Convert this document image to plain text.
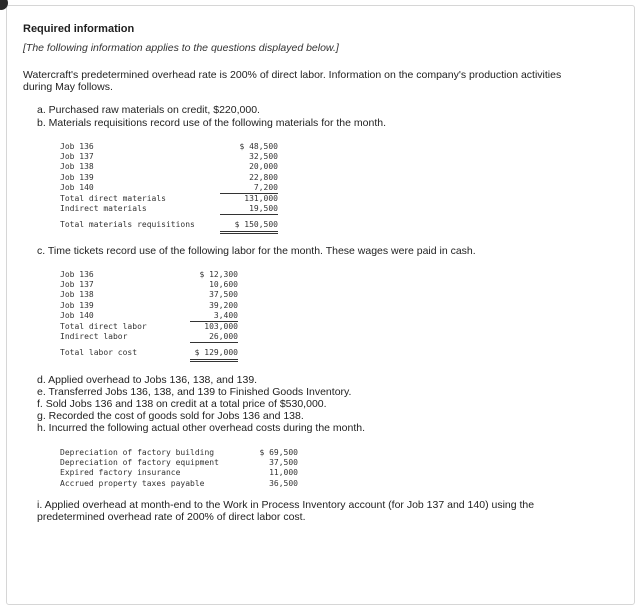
Required information
[The following information applies to the questions displayed below.]
Watercraft's predetermined overhead rate is 200% of direct labor. Information on the company's production activities during May follows.
a. Purchased raw materials on credit, $220,000.
b. Materials requisitions record use of the following materials for the month.
Job 136	$ 48,500
Job 137	32,500
Job 138	20,000
Job 139	22,800
Job 140	7,200
Total direct materials	131,000
Indirect materials	19,500
Total materials requisitions	$ 150,500
c. Time tickets record use of the following labor for the month. These wages were paid in cash.
Job 136	$ 12,300
Job 137	10,600
Job 138	37,500
Job 139	39,200
Job 140	3,400
Total direct labor	103,000
Indirect labor	26,000
Total labor cost	$ 129,000
d. Applied overhead to Jobs 136, 138, and 139.
e. Transferred Jobs 136, 138, and 139 to Finished Goods Inventory.
f. Sold Jobs 136 and 138 on credit at a total price of $530,000.
g. Recorded the cost of goods sold for Jobs 136 and 138.
h. Incurred the following actual other overhead costs during the month.
Depreciation of factory building	$ 69,500
Depreciation of factory equipment	37,500
Expired factory insurance	11,000
Accrued property taxes payable	36,500
i. Applied overhead at month-end to the Work in Process Inventory account (for Job 137 and 140) using the predetermined overhead rate of 200% of direct labor cost.
